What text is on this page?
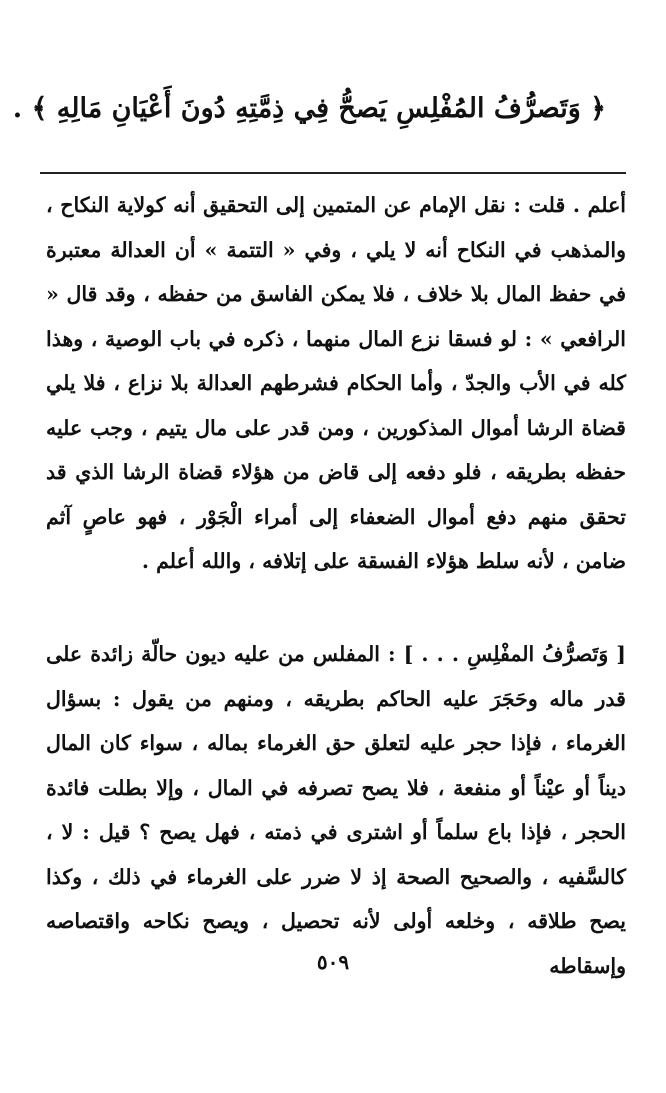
﴿ وَتَصرُّفُ المُفْلِسِ يَصحُّ فِي ذِمَّتِهِ دُونَ أَعْيَانِ مَالِهِ ﴾ .
أعلم . قلت : نقل الإمام عن المتمين إلى التحقيق أنه كولاية النكاح ، والمذهب في النكاح أنه لا يلي ، وفي « التتمة » أن العدالة معتبرة في حفظ المال بلا خلاف ، فلا يمكن الفاسق من حفظه ، وقد قال « الرافعي » : لو فسقا نزع المال منهما ، ذكره في باب الوصية ، وهذا كله في الأب والجدّ ، وأما الحكام فشرطهم العدالة بلا نزاع ، فلا يلي قضاة الرشا أموال المذكورين ، ومن قدر على مال يتيم ، وجب عليه حفظه بطريقه ، فلو دفعه إلى قاض من هؤلاء قضاة الرشا الذي قد تحقق منهم دفع أموال الضعفاء إلى أمراء الْجَوْر ، فهو عاصٍ آثم ضامن ، لأنه سلط هؤلاء الفسقة على إتلافه ، والله أعلم .
[ وَتَصرُّفُ المفْلِسِ . . . ] : المفلس من عليه ديون حالّة زائدة على قدر ماله وحَجَرَ عليه الحاكم بطريقه ، ومنهم من يقول : بسؤال الغرماء ، فإذا حجر عليه لتعلق حق الغرماء بماله ، سواء كان المال ديناً أو عيْناً أو منفعة ، فلا يصح تصرفه في المال ، وإلا بطلت فائدة الحجر ، فإذا باع سلماً أو اشترى في ذمته ، فهل يصح ؟ قيل : لا ، كالسَّفيه ، والصحيح الصحة إذ لا ضرر على الغرماء في ذلك ، وكذا يصح طلاقه ، وخلعه أولى لأنه تحصيل ، ويصح نكاحه واقتصاصه وإسقاطه
٥٠٩
